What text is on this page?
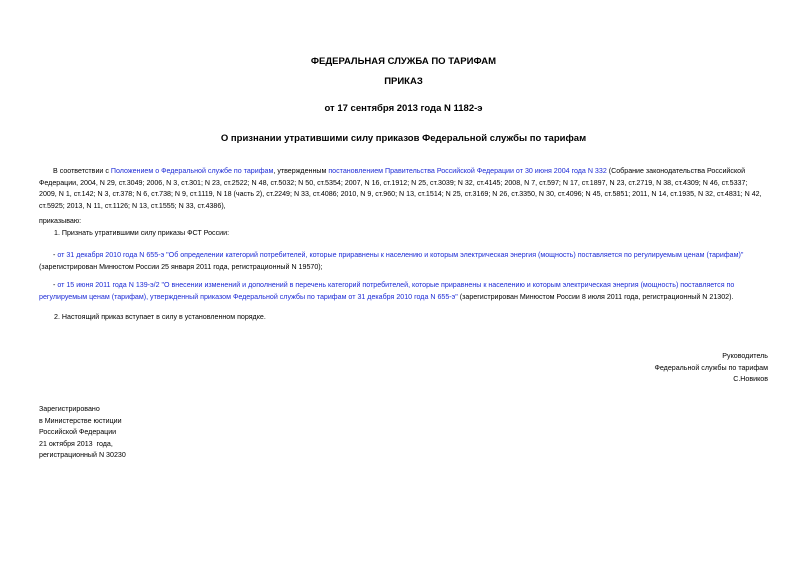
ФЕДЕРАЛЬНАЯ СЛУЖБА ПО ТАРИФАМ
ПРИКАЗ
от 17 сентября 2013 года N 1182-э
О признании утратившими силу приказов Федеральной службы по тарифам
В соответствии с Положением о Федеральной службе по тарифам, утвержденным постановлением Правительства Российской Федерации от 30 июня 2004 года N 332 (Собрание законодательства Российской Федерации, 2004, N 29, ст.3049; 2006, N 3, ст.301; N 23, ст.2522; N 48, ст.5032; N 50, ст.5354; 2007, N 16, ст.1912; N 25, ст.3039; N 32, ст.4145; 2008, N 7, ст.597; N 17, ст.1897, N 23, ст.2719, N 38, ст.4309; N 46, ст.5337; 2009, N 1, ст.142; N 3, ст.378; N 6, ст.738; N 9, ст.1119, N 18 (часть 2), ст.2249; N 33, ст.4086; 2010, N 9, ст.960; N 13, ст.1514; N 25, ст.3169; N 26, ст.3350, N 30, ст.4096; N 45, ст.5851; 2011, N 14, ст.1935, N 32, ст.4831; N 42, ст.5925; 2013, N 11, ст.1126; N 13, ст.1555; N 33, ст.4386),
приказываю:
1. Признать утратившими силу приказы ФСТ России:
- от 31 декабря 2010 года N 655-э "Об определении категорий потребителей, которые приравнены к населению и которым электрическая энергия (мощность) поставляется по регулируемым ценам (тарифам)" (зарегистрирован Минюстом России 25 января 2011 года, регистрационный N 19570);
- от 15 июня 2011 года N 139-э/2 "О внесении изменений и дополнений в перечень категорий потребителей, которые приравнены к населению и которым электрическая энергия (мощность) поставляется по регулируемым ценам (тарифам), утвержденный приказом Федеральной службы по тарифам от 31 декабря 2010 года N 655-э" (зарегистрирован Минюстом России 8 июля 2011 года, регистрационный N 21302).
2. Настоящий приказ вступает в силу в установленном порядке.
Руководитель
Федеральной службы по тарифам
С.Новиков
Зарегистрировано
в Министерстве юстиции
Российской Федерации
21 октября 2013  года,
регистрационный N 30230
